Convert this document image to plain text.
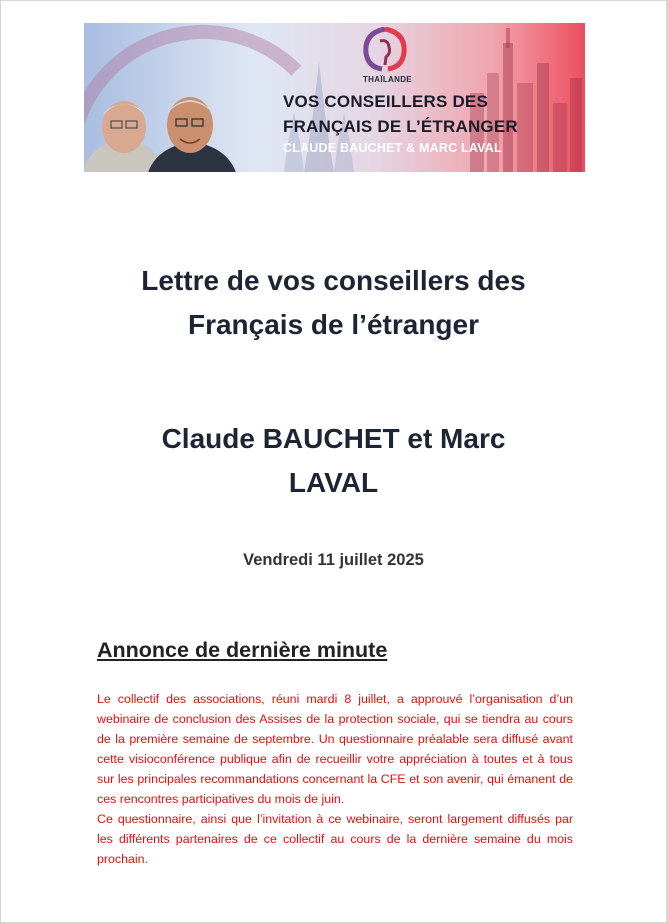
THAÏLANDE
VOS CONSEILLERS DES
FRANÇAIS DE L’ÉTRANGER
CLAUDE BAUCHET & MARC LAVAL
Lettre de vos conseillers des
Français de l’étranger
Claude BAUCHET et Marc
LAVAL

Vendredi 11 juillet 2025

Annonce de dernière minute

Le collectif des associations, réuni mardi 8 juillet, a approuvé l’organisation d’un webinaire de conclusion des Assises de la protection sociale, qui se tiendra au cours de la première semaine de septembre. Un questionnaire préalable sera diffusé avant cette visioconférence publique afin de recueillir votre appréciation à toutes et à tous sur les principales recommandations concernant la CFE et son avenir, qui émanent de ces rencontres participatives du mois de juin.

Ce questionnaire, ainsi que l’invitation à ce webinaire, seront largement diffusés par les différents partenaires de ce collectif au cours de la dernière semaine du mois prochain.
